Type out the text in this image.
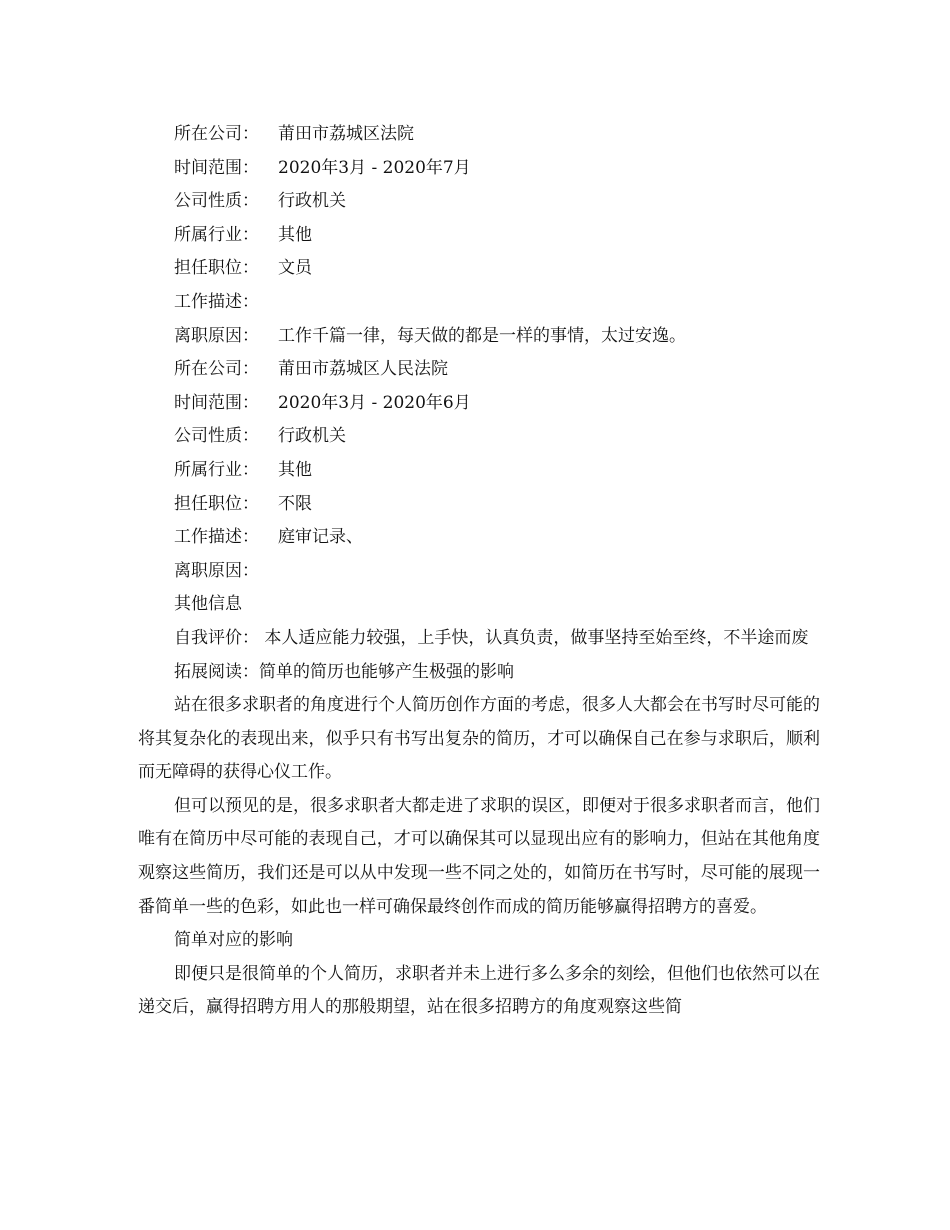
所在公司： 莆田市荔城区法院
时间范围： 2020年3月 - 2020年7月
公司性质： 行政机关
所属行业： 其他
担任职位： 文员
工作描述：
离职原因： 工作千篇一律，每天做的都是一样的事情，太过安逸。
所在公司： 莆田市荔城区人民法院
时间范围： 2020年3月 - 2020年6月
公司性质： 行政机关
所属行业： 其他
担任职位： 不限
工作描述： 庭审记录、
离职原因：
其他信息

自我评价： 本人适应能力较强，上手快，认真负责，做事坚持至始至终，不半途而废

拓展阅读：简单的简历也能够产生极强的影响

站在很多求职者的角度进行个人简历创作方面的考虑，很多人大都会在书写时尽可能的将其复杂化的表现出来，似乎只有书写出复杂的简历，才可以确保自己在参与求职后，顺利而无障碍的获得心仪工作。

但可以预见的是，很多求职者大都走进了求职的误区，即便对于很多求职者而言，他们唯有在简历中尽可能的表现自己，才可以确保其可以显现出应有的影响力，但站在其他角度观察这些简历，我们还是可以从中发现一些不同之处的，如简历在书写时，尽可能的展现一番简单一些的色彩，如此也一样可确保最终创作而成的简历能够赢得招聘方的喜爱。

简单对应的影响

即便只是很简单的个人简历，求职者并未上进行多么多余的刻绘，但他们也依然可以在递交后，赢得招聘方用人的那般期望，站在很多招聘方的角度观察这些简
